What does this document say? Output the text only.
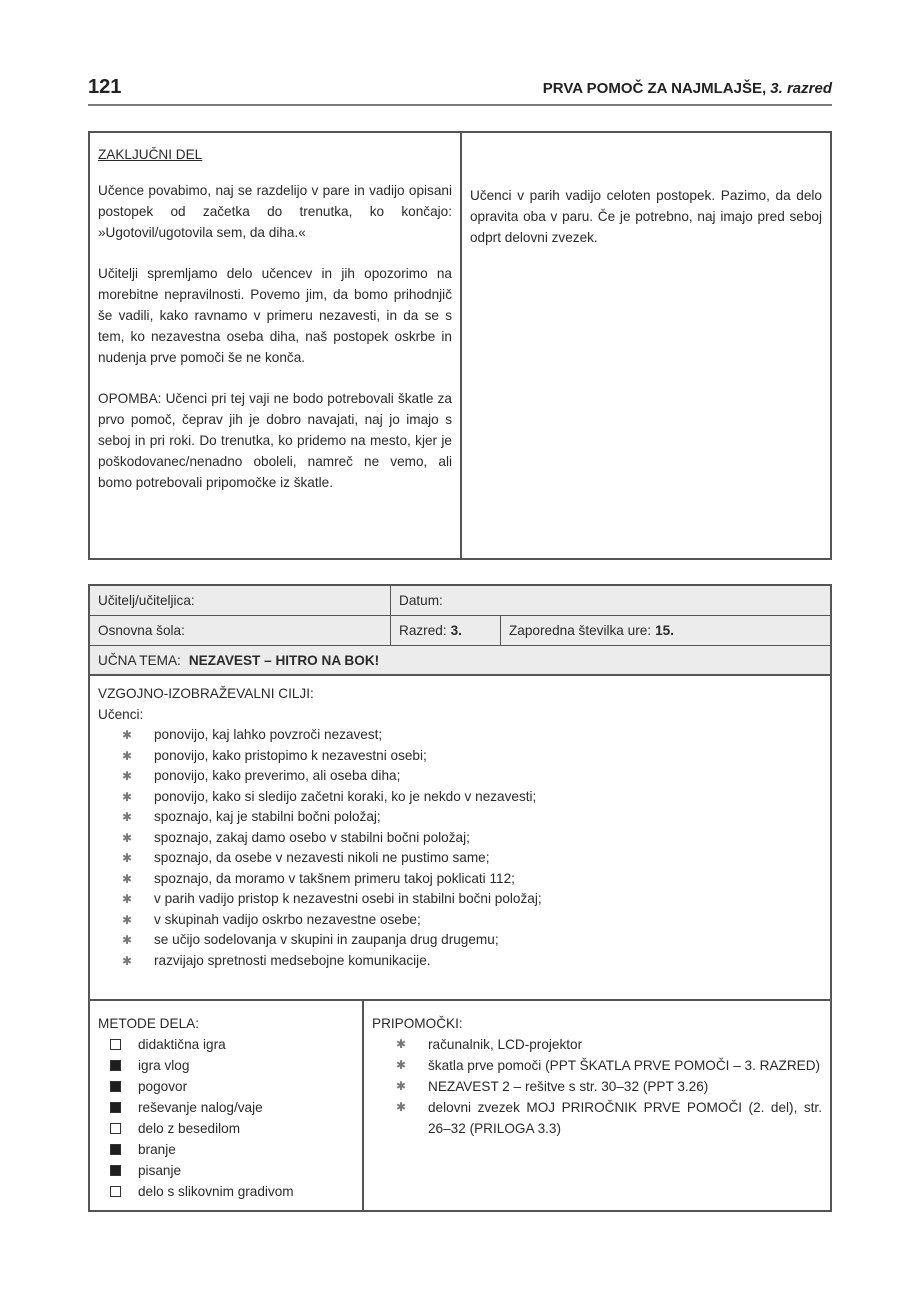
121	PRVA POMOČ ZA NAJMLAJŠE, 3. razred
ZAKLJUČNI DEL

Učence povabimo, naj se razdelijo v pare in vadijo opisani postopek od začetka do trenutka, ko končajo: »Ugotovil/ugotovila sem, da diha.«

Učitelji spremljamo delo učencev in jih opozorimo na morebitne nepravilnosti. Povemo jim, da bomo prihodnjič še vadili, kako ravnamo v primeru nezavesti, in da se s tem, ko nezavestna oseba diha, naš postopek oskrbe in nudenja prve pomoči še ne konča.

OPOMBA: Učenci pri tej vaji ne bodo potrebovali škatle za prvo pomoč, čeprav jih je dobro navajati, naj jo imajo s seboj in pri roki. Do trenutka, ko pridemo na mesto, kjer je poškodovanec/nenadno oboleli, namreč ne vemo, ali bomo potrebovali pripomočke iz škatle.

Učenci v parih vadijo celoten postopek. Pazimo, da delo opravita oba v paru. Če je potrebno, naj imajo pred seboj odprt delovni zvezek.

Učitelj/učiteljica:	Datum:
Osnovna šola:	Razred: 3.	Zaporedna številka ure: 15.
UČNA TEMA: NEZAVEST – HITRO NA BOK!
VZGOJNO-IZOBRAŽEVALNI CILJI:
Učenci:
✱ ponovijo, kaj lahko povzroči nezavest;
✱ ponovijo, kako pristopimo k nezavestni osebi;
✱ ponovijo, kako preverimo, ali oseba diha;
✱ ponovijo, kako si sledijo začetni koraki, ko je nekdo v nezavesti;
✱ spoznajo, kaj je stabilni bočni položaj;
✱ spoznajo, zakaj damo osebo v stabilni bočni položaj;
✱ spoznajo, da osebe v nezavesti nikoli ne pustimo same;
✱ spoznajo, da moramo v takšnem primeru takoj poklicati 112;
✱ v parih vadijo pristop k nezavestni osebi in stabilni bočni položaj;
✱ v skupinah vadijo oskrbo nezavestne osebe;
✱ se učijo sodelovanja v skupini in zaupanja drug drugemu;
✱ razvijajo spretnosti medsebojne komunikacije.
METODE DELA:
didaktična igra
igra vlog
pogovor
reševanje nalog/vaje
delo z besedilom
branje
pisanje
delo s slikovnim gradivom
PRIPOMOČKI:
✱ računalnik, LCD-projektor
✱ škatla prve pomoči (PPT ŠKATLA PRVE POMOČI – 3. RAZRED)
✱ NEZAVEST 2 – rešitve s str. 30–32 (PPT 3.26)
✱ delovni zvezek MOJ PRIROČNIK PRVE POMOČI (2. del), str. 26–32 (PRILOGA 3.3)
